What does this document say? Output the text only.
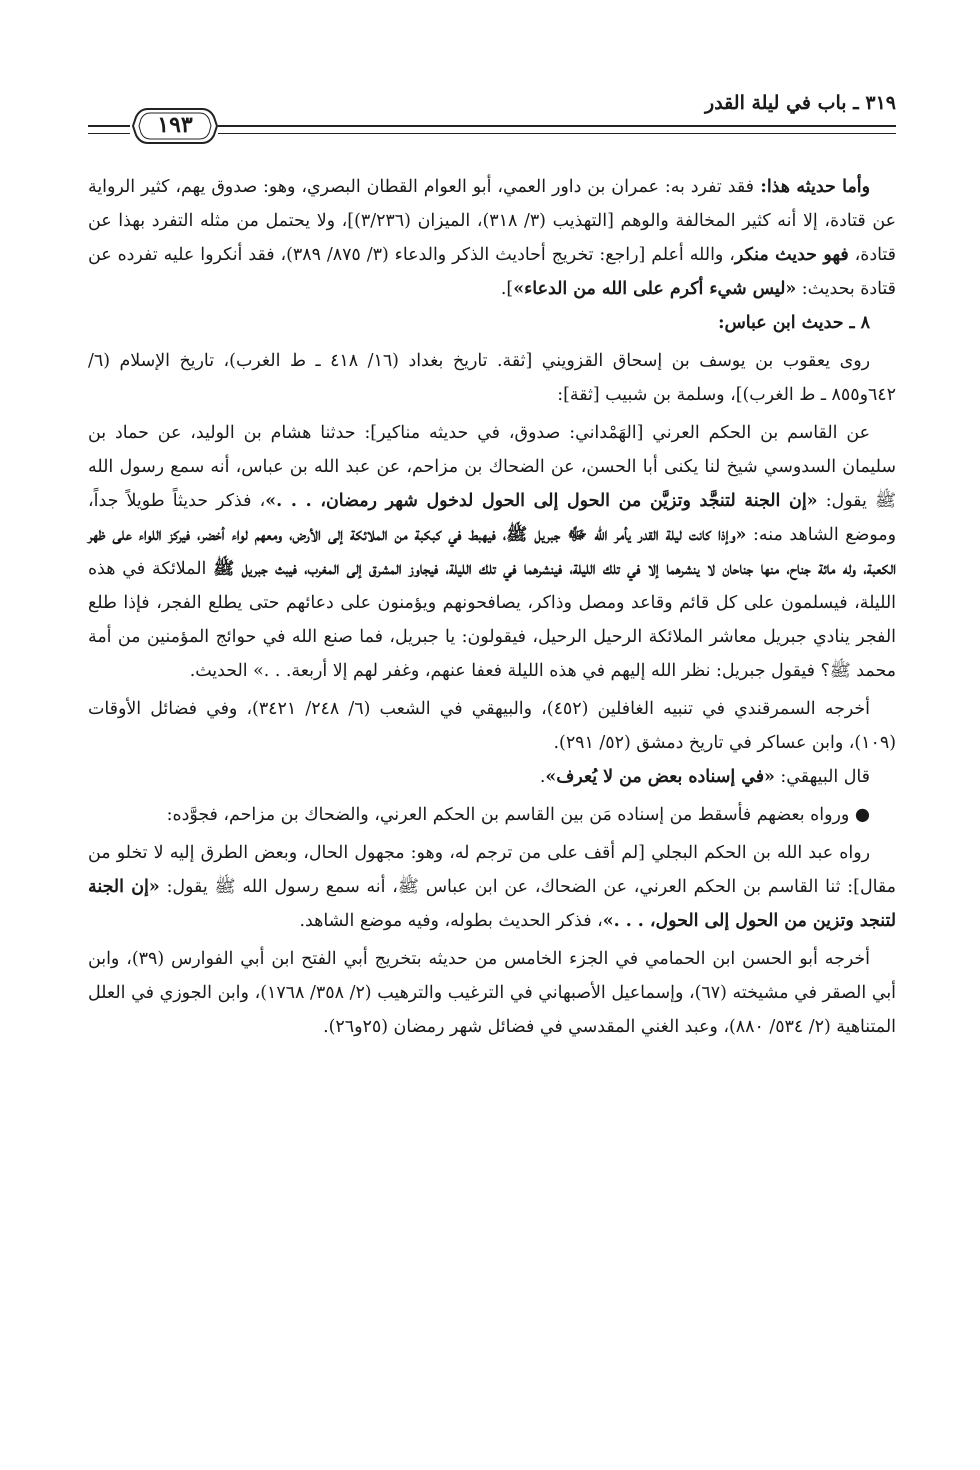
٣١٩ ـ باب في ليلة القدر
١٩٣

وأما حديثه هذا: فقد تفرد به: عمران بن داور العمي، أبو العوام القطان البصري، وهو: صدوق يهم، كثير الرواية عن قتادة، إلا أنه كثير المخالفة والوهم [التهذيب (٣/ ٣١٨)، الميزان (٣/٢٣٦)]، ولا يحتمل من مثله التفرد بهذا عن قتادة، فهو حديث منكر، والله أعلم [راجع: تخريج أحاديث الذكر والدعاء (٣/ ٨٧٥/ ٣٨٩)، فقد أنكروا عليه تفرده عن قتادة بحديث: «ليس شيء أكرم على الله من الدعاء»].

٨ ـ حديث ابن عباس:

روى يعقوب بن يوسف بن إسحاق القزويني [ثقة. تاريخ بغداد (١٦/ ٤١٨ ـ ط الغرب)، تاريخ الإسلام (٦/ ٦٤٢و٨٥٥ ـ ط الغرب)]، وسلمة بن شبيب [ثقة]:

عن القاسم بن الحكم العرني [الهَمْداني: صدوق، في حديثه مناكير]: حدثنا هشام بن الوليد، عن حماد بن سليمان السدوسي شيخ لنا يكنى أبا الحسن، عن الضحاك بن مزاحم، عن عبد الله بن عباس، أنه سمع رسول الله ﷺ يقول: «إن الجنة لتنجَّد وتزيَّن من الحول إلى الحول لدخول شهر رمضان، . . .»، فذكر حديثاً طويلاً جداً، وموضع الشاهد منه: «وإذا كانت ليلة القدر يأمر الله ﷻ جبريل ﷺ، فيهبط في كبكبة من الملائكة إلى الأرض، ومعهم لواء أخضر، فيركز اللواء على ظهر الكعبة، وله مائة جناح، منها جناحان لا ينشرهما إلا في تلك الليلة، فينشرهما في تلك الليلة، فيجاوز المشرق إلى المغرب، فيبث جبريل ﷺ الملائكة في هذه الليلة، فيسلمون على كل قائم وقاعد ومصل وذاكر، يصافحونهم ويؤمنون على دعائهم حتى يطلع الفجر، فإذا طلع الفجر ينادي جبريل معاشر الملائكة الرحيل الرحيل، فيقولون: يا جبريل، فما صنع الله في حوائج المؤمنين من أمة محمد ﷺ؟ فيقول جبريل: نظر الله إليهم في هذه الليلة فعفا عنهم، وغفر لهم إلا أربعة. . .» الحديث.

أخرجه السمرقندي في تنبيه الغافلين (٤٥٢)، والبيهقي في الشعب (٦/ ٢٤٨/ ٣٤٢١)، وفي فضائل الأوقات (١٠٩)، وابن عساكر في تاريخ دمشق (٥٢/ ٢٩١).

قال البيهقي: «في إسناده بعض من لا يُعرف».

● ورواه بعضهم فأسقط من إسناده مَن بين القاسم بن الحكم العرني، والضحاك بن مزاحم، فجوَّده:

رواه عبد الله بن الحكم البجلي [لم أقف على من ترجم له، وهو: مجهول الحال، وبعض الطرق إليه لا تخلو من مقال]: ثنا القاسم بن الحكم العرني، عن الضحاك، عن ابن عباس ﷺ، أنه سمع رسول الله ﷺ يقول: «إن الجنة لتنجد وتزين من الحول إلى الحول، . . .»، فذكر الحديث بطوله، وفيه موضع الشاهد.

أخرجه أبو الحسن ابن الحمامي في الجزء الخامس من حديثه بتخريج أبي الفتح ابن أبي الفوارس (٣٩)، وابن أبي الصقر في مشيخته (٦٧)، وإسماعيل الأصبهاني في الترغيب والترهيب (٢/ ٣٥٨/ ١٧٦٨)، وابن الجوزي في العلل المتناهية (٢/ ٥٣٤/ ٨٨٠)، وعبد الغني المقدسي في فضائل شهر رمضان (٢٥و٢٦).
